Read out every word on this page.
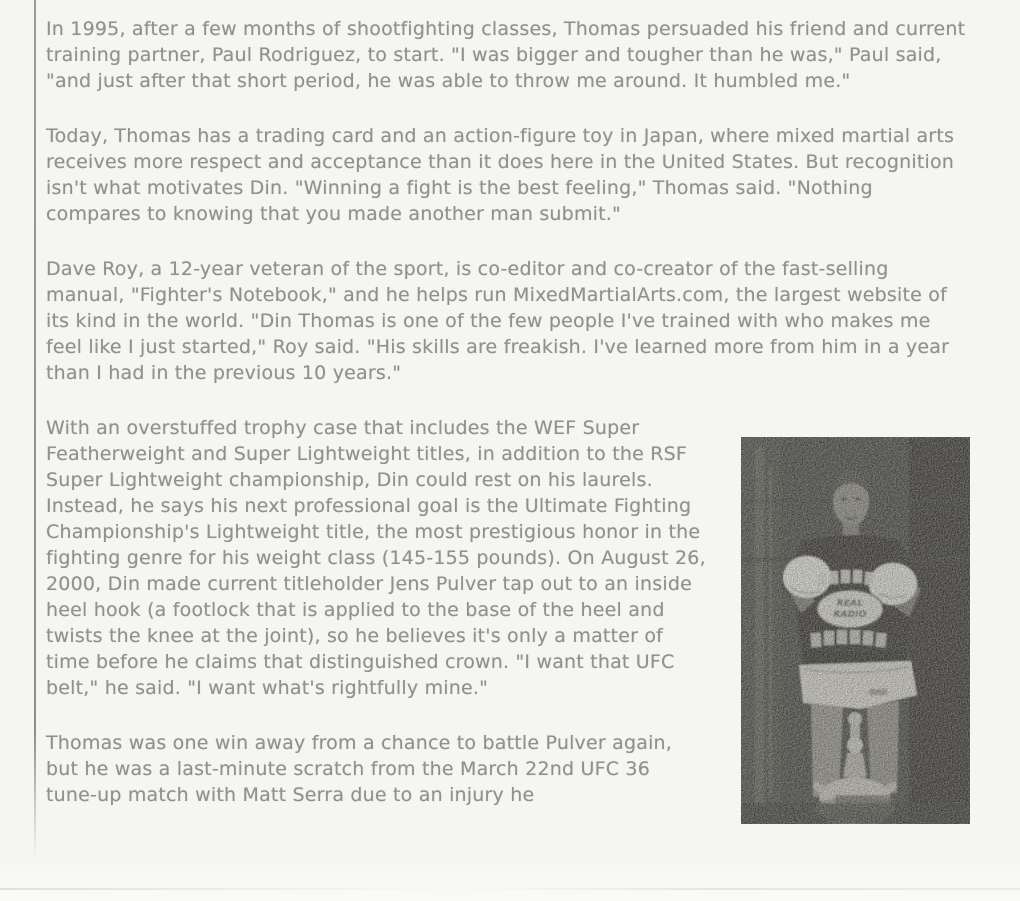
In 1995, after a few months of shootfighting classes, Thomas persuaded his friend and current training partner, Paul Rodriguez, to start. "I was bigger and tougher than he was," Paul said, "and just after that short period, he was able to throw me around. It humbled me."

Today, Thomas has a trading card and an action-figure toy in Japan, where mixed martial arts receives more respect and acceptance than it does here in the United States. But recognition isn't what motivates Din. "Winning a fight is the best feeling," Thomas said. "Nothing compares to knowing that you made another man submit."

Dave Roy, a 12-year veteran of the sport, is co-editor and co-creator of the fast-selling manual, "Fighter's Notebook," and he helps run MixedMartialArts.com, the largest website of its kind in the world. "Din Thomas is one of the few people I've trained with who makes me feel like I just started," Roy said. "His skills are freakish. I've learned more from him in a year than I had in the previous 10 years."

With an overstuffed trophy case that includes the WEF Super Featherweight and Super Lightweight titles, in addition to the RSF Super Lightweight championship, Din could rest on his laurels. Instead, he says his next professional goal is the Ultimate Fighting Championship's Lightweight title, the most prestigious honor in the fighting genre for his weight class (145-155 pounds). On August 26, 2000, Din made current titleholder Jens Pulver tap out to an inside heel hook (a footlock that is applied to the base of the heel and twists the knee at the joint), so he believes it's only a matter of time before he claims that distinguished crown. "I want that UFC belt," he said. "I want what's rightfully mine."

Thomas was one win away from a chance to battle Pulver again, but he was a last-minute scratch from the March 22nd UFC 36 tune-up match with Matt Serra due to an injury he

REAL
RADIO
